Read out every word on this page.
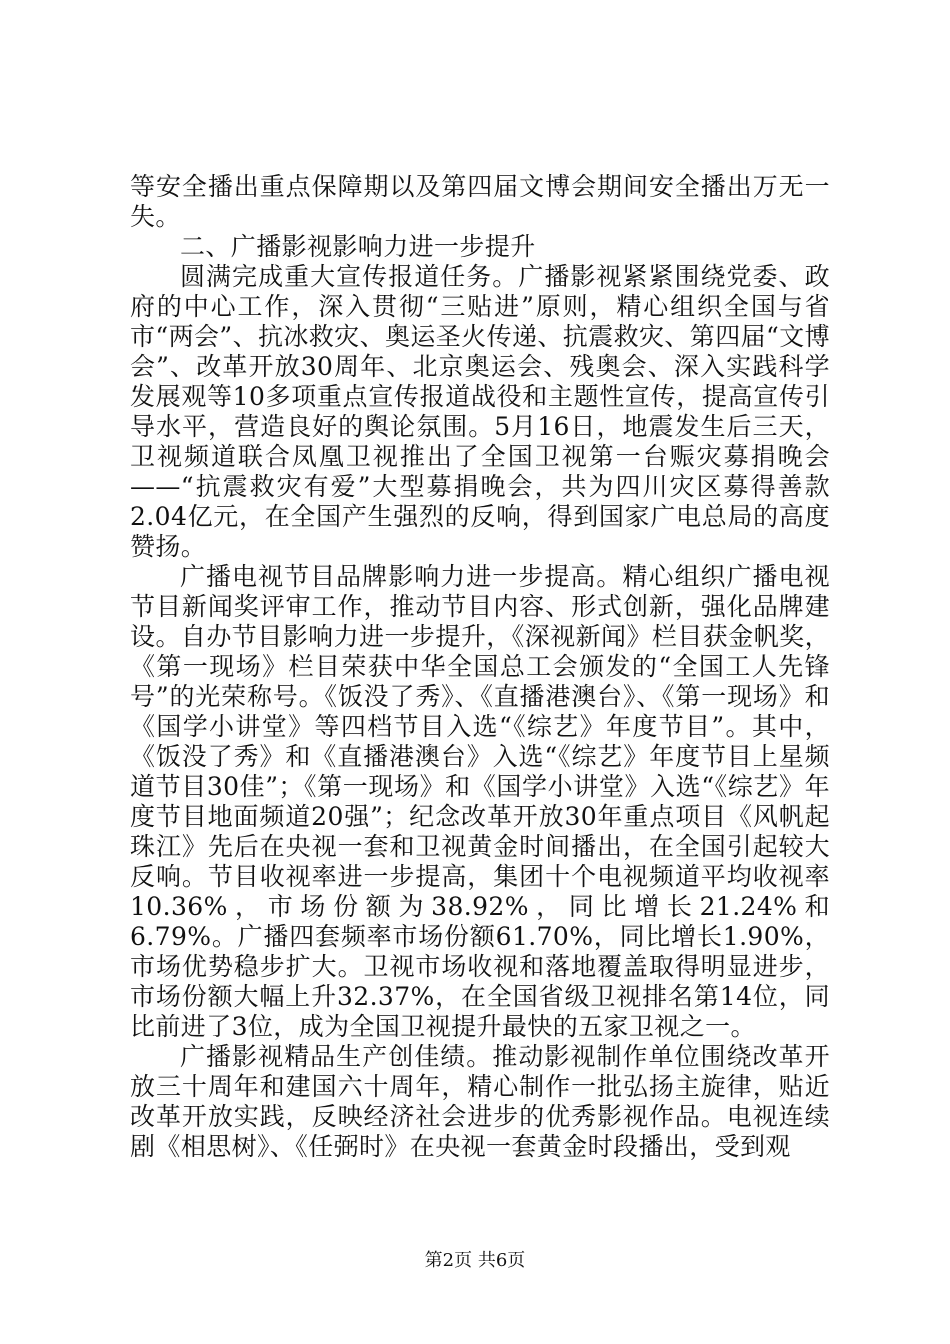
等安全播出重点保障期以及第四届文博会期间安全播出万无一失。

二、广播影视影响力进一步提升

圆满完成重大宣传报道任务。广播影视紧紧围绕党委、政府的中心工作，深入贯彻“三贴进”原则，精心组织全国与省市“两会”、抗冰救灾、奥运圣火传递、抗震救灾、第四届“文博会”、改革开放30周年、北京奥运会、残奥会、深入实践科学发展观等10多项重点宣传报道战役和主题性宣传，提高宣传引导水平，营造良好的舆论氛围。5月16日，地震发生后三天，卫视频道联合凤凰卫视推出了全国卫视第一台赈灾募捐晚会——“抗震救灾有爱”大型募捐晚会，共为四川灾区募得善款2.04亿元，在全国产生强烈的反响，得到国家广电总局的高度赞扬。

广播电视节目品牌影响力进一步提高。精心组织广播电视节目新闻奖评审工作，推动节目内容、形式创新，强化品牌建设。自办节目影响力进一步提升，《深视新闻》栏目获金帆奖，《第一现场》栏目荣获中华全国总工会颁发的“全国工人先锋号”的光荣称号。《饭没了秀》、《直播港澳台》、《第一现场》和《国学小讲堂》等四档节目入选“《综艺》年度节目”。其中，《饭没了秀》和《直播港澳台》入选“《综艺》年度节目上星频道节目30佳”；《第一现场》和《国学小讲堂》入选“《综艺》年度节目地面频道20强”；纪念改革开放30年重点项目《风帆起珠江》先后在央视一套和卫视黄金时间播出，在全国引起较大反响。节目收视率进一步提高，集团十个电视频道平均收视率10.36%，市场份额为38.92%，同比增长21.24%和6.79%。广播四套频率市场份额61.70%，同比增长1.90%，市场优势稳步扩大。卫视市场收视和落地覆盖取得明显进步，市场份额大幅上升32.37%，在全国省级卫视排名第14位，同比前进了3位，成为全国卫视提升最快的五家卫视之一。

广播影视精品生产创佳绩。推动影视制作单位围绕改革开放三十周年和建国六十周年，精心制作一批弘扬主旋律，贴近改革开放实践，反映经济社会进步的优秀影视作品。电视连续剧《相思树》、《任弼时》在央视一套黄金时段播出，受到观

第2页 共6页
